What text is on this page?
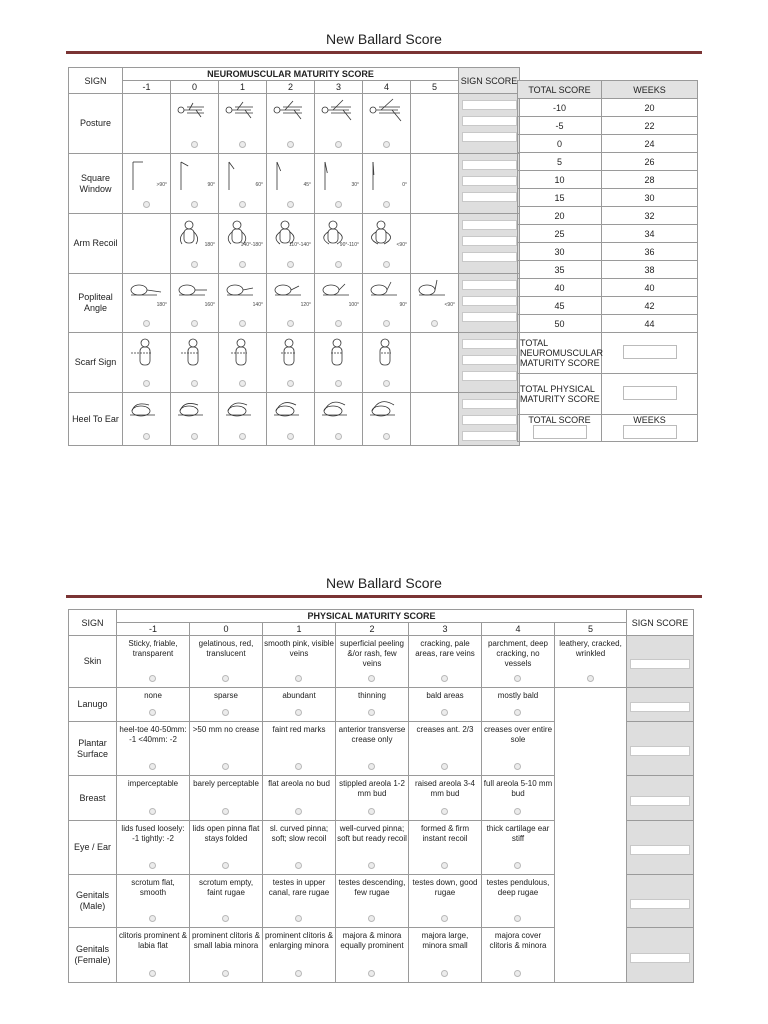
New Ballard Score
SIGN	NEUROMUSCULAR MATURITY SCORE							SIGN SCORE
	-1	0	1	2	3	4	5	
Posture		

Square
Window	>90°	90°	60°	45°	30°	0°		

Arm Recoil		180°	140°-180°	110°-140°	90°-110°	<90°		

Popliteal
Angle	180°	160°	140°	120°	100°	90°	<90°	

Scarf Sign	

Heel To Ear	

TOTAL SCORE	WEEKS
-10	20
-5	22
0	24
5	26
10	28
15	30
20	32
25	34
30	36
35	38
40	40
45	42
50	44
TOTAL NEUROMUSCULAR MATURITY SCORE	
TOTAL PHYSICAL MATURITY SCORE	

TOTAL SCORE	WEEKS
New Ballard Score
SIGN	PHYSICAL MATURITY SCORE							SIGN SCORE
	-1	0	1	2	3	4	5	
Skin	Sticky, friable, transparent	gelatinous, red, translucent	smooth pink, visible veins	superficial peeling &/or rash, few veins	cracking, pale areas, rare veins	parchment, deep cracking, no vessels	leathery, cracked, wrinkled	

Lanugo	none	sparse	abundant	thinning	bald areas	mostly bald		

Plantar Surface	heel-toe 40-50mm: -1 <40mm: -2	>50 mm no crease	faint red marks	anterior transverse crease only	creases ant. 2/3	creases over entire sole		

Breast	imperceptable	barely perceptable	flat areola no bud	stippled areola 1-2 mm bud	raised areola 3-4 mm bud	full areola 5-10 mm bud		

Eye / Ear	lids fused loosely: -1 tightly: -2	lids open pinna flat stays folded	sl. curved pinna; soft; slow recoil	well-curved pinna; soft but ready recoil	formed & firm instant recoil	thick cartilage ear stiff		

Genitals (Male)	scrotum flat, smooth	scrotum empty, faint rugae	testes in upper canal, rare rugae	testes descending, few rugae	testes down, good rugae	testes pendulous, deep rugae		

Genitals (Female)	clitoris prominent & labia flat	prominent clitoris & small labia minora	prominent clitoris & enlarging minora	majora & minora equally prominent	majora large, minora small	majora cover clitoris & minora		
